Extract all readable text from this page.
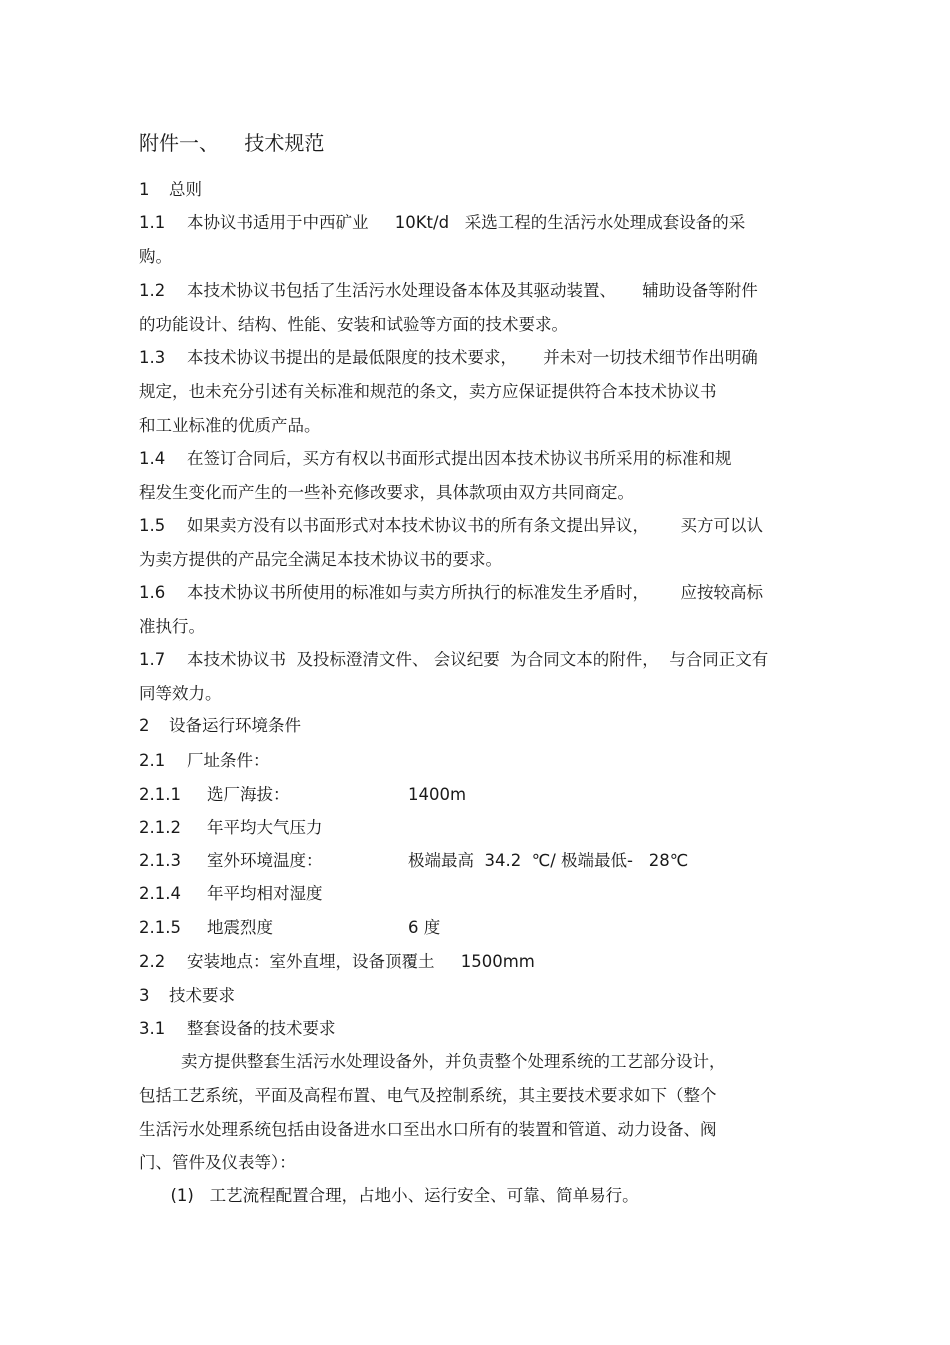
附件一、    技术规范
1 总则
1.1 本协议书适用于中西矿业     10Kt/d   采选工程的生活污水处理成套设备的采
购。
1.2 本技术协议书包括了生活污水处理设备本体及其驱动装置、     辅助设备等附件
的功能设计、结构、性能、安装和试验等方面的技术要求。
1.3 本技术协议书提出的是最低限度的技术要求，     并未对一切技术细节作出明确
规定，也未充分引述有关标准和规范的条文，卖方应保证提供符合本技术协议书
和工业标准的优质产品。
1.4 在签订合同后，买方有权以书面形式提出因本技术协议书所采用的标准和规
程发生变化而产生的一些补充修改要求，具体款项由双方共同商定。
1.5 如果卖方没有以书面形式对本技术协议书的所有条文提出异议，      买方可以认
为卖方提供的产品完全满足本技术协议书的要求。
1.6 本技术协议书所使用的标准如与卖方所执行的标准发生矛盾时，      应按较高标
准执行。
1.7 本技术协议书  及投标澄清文件、 会议纪要  为合同文本的附件，  与合同正文有
同等效力。
2 设备运行环境条件
2.1 厂址条件：
2.1.1 选厂海拔：	1400m
2.1.2 年平均大气压力
2.1.3 室外环境温度：	极端最高  34.2  ℃/ 极端最低-   28℃
2.1.4 年平均相对湿度
2.1.5 地震烈度	6 度
2.2 安装地点：室外直埋，设备顶覆土     1500mm
3 技术要求
3.1 整套设备的技术要求
卖方提供整套生活污水处理设备外，并负责整个处理系统的工艺部分设计，
包括工艺系统，平面及高程布置、电气及控制系统，其主要技术要求如下（整个
生活污水处理系统包括由设备进水口至出水口所有的装置和管道、动力设备、阀
门、管件及仪表等）：
(1)   工艺流程配置合理，占地小、运行安全、可靠、简单易行。
